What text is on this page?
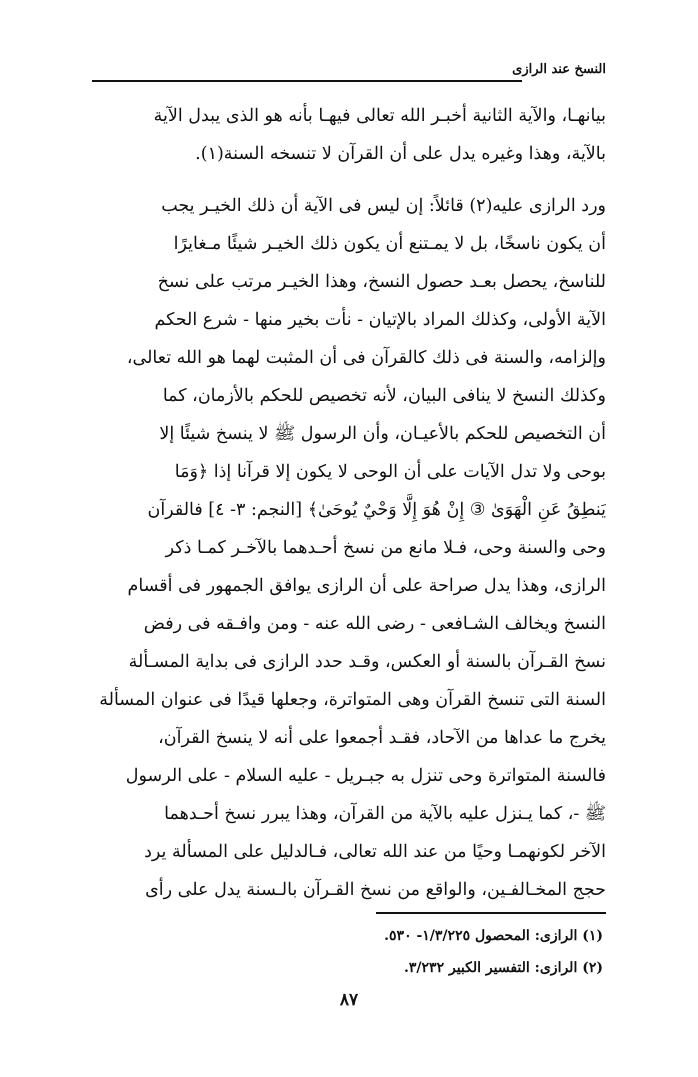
النسخ عند الرازى
بيانهـا، والآية الثانية أخبـر الله تعالى فيهـا بأنه هو الذى يبدل الآية
بالآية، وهذا وغيره يدل على أن القرآن لا تنسخه السنة(١).
ورد الرازى عليه(٢) قائلاً: إن ليس فى الآية أن ذلك الخيـر يجب
أن يكون ناسخًا، بل لا يمـتنع أن يكون ذلك الخيـر شيئًا مـغايرًا
للناسخ، يحصل بعـد حصول النسخ، وهذا الخيـر مرتب على نسخ
الآية الأولى، وكذلك المراد بالإتيان - نأت بخير منها - شرع الحكم
وإلزامه، والسنة فى ذلك كالقرآن فى أن المثبت لهما هو الله تعالى،
وكذلك النسخ لا ينافى البيان، لأنه تخصيص للحكم بالأزمان، كما
أن التخصيص للحكم بالأعيـان، وأن الرسول ﷺ لا ينسخ شيئًا إلا
بوحى ولا تدل الآيات على أن الوحى لا يكون إلا قرآنا إذا ﴿وَمَا
يَنطِقُ عَنِ الْهَوَىٰ ③ إِنْ هُوَ إِلَّا وَحْيٌ يُوحَىٰ﴾ [النجم: ٣- ٤] فالقرآن
وحى والسنة وحى، فـلا مانع من نسخ أحـدهما بالآخـر كمـا ذكر
الرازى، وهذا يدل صراحة على أن الرازى يوافق الجمهور فى أقسام
النسخ ويخالف الشـافعى - رضى الله عنه - ومن وافـقه فى رفض
نسخ القـرآن بالسنة أو العكس، وقـد حدد الرازى فى بداية المسـألة
السنة التى تنسخ القرآن وهى المتواترة، وجعلها قيدًا فى عنوان المسألة
يخرج ما عداها من الآحاد، فقـد أجمعوا على أنه لا ينسخ القرآن،
فالسنة المتواترة وحى تنزل به جبـريل - عليه السلام - على الرسول
ﷺ -، كما يـنزل عليه بالآية من القرآن، وهذا يبرر نسخ أحـدهما
الآخر لكونهمـا وحيًا من عند الله تعالى، فـالدليل على المسألة يرد
حجج المخـالفـين، والواقع من نسخ القـرآن بالـسنة يدل على رأى
(١) الرازى: المحصول ١/٣/٢٢٥- ٥٣٠.
(٢) الرازى: التفسير الكبير ٣/٢٣٢.
٨٧
